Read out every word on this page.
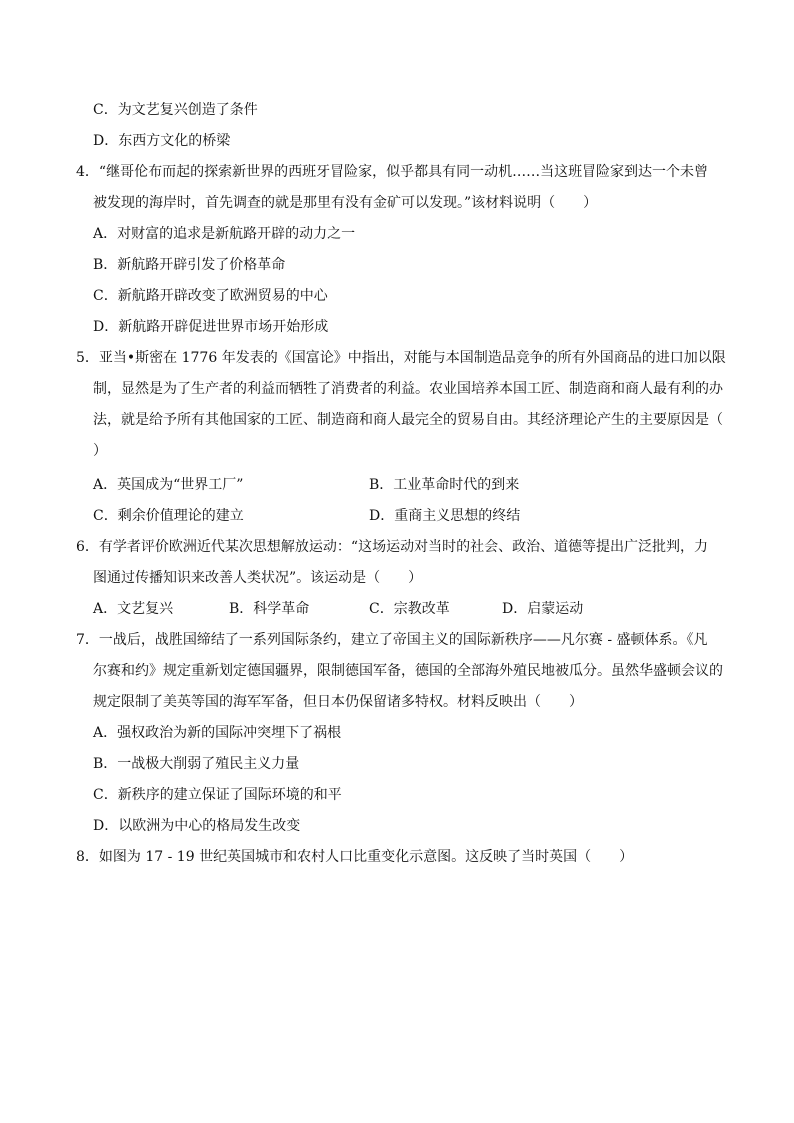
C．为文艺复兴创造了条件
D．东西方文化的桥梁
4．“继哥伦布而起的探索新世界的西班牙冒险家，似乎都具有同一动机……当这班冒险家到达一个未曾
被发现的海岸时，首先调查的就是那里有没有金矿可以发现。”该材料说明（　　）
A．对财富的追求是新航路开辟的动力之一
B．新航路开辟引发了价格革命
C．新航路开辟改变了欧洲贸易的中心
D．新航路开辟促进世界市场开始形成
5．亚当•斯密在 1776 年发表的《国富论》中指出，对能与本国制造品竞争的所有外国商品的进口加以限
制，显然是为了生产者的利益而牺牲了消费者的利益。农业国培养本国工匠、制造商和商人最有利的办
法，就是给予所有其他国家的工匠、制造商和商人最完全的贸易自由。其经济理论产生的主要原因是（
）
A．英国成为“世界工厂”	B．工业革命时代的到来
C．剩余价值理论的建立	D．重商主义思想的终结
6．有学者评价欧洲近代某次思想解放运动：“这场运动对当时的社会、政治、道德等提出广泛批判，力
图通过传播知识来改善人类状况”。该运动是（　　）
A．文艺复兴	B．科学革命	C．宗教改革	D．启蒙运动
7．一战后，战胜国缔结了一系列国际条约，建立了帝国主义的国际新秩序——凡尔赛 - 盛顿体系。《凡
尔赛和约》规定重新划定德国疆界，限制德国军备，德国的全部海外殖民地被瓜分。虽然华盛顿会议的
规定限制了美英等国的海军军备，但日本仍保留诸多特权。材料反映出（　　）
A．强权政治为新的国际冲突埋下了祸根
B．一战极大削弱了殖民主义力量
C．新秩序的建立保证了国际环境的和平
D．以欧洲为中心的格局发生改变
8．如图为 17 - 19 世纪英国城市和农村人口比重变化示意图。这反映了当时英国（　　）
